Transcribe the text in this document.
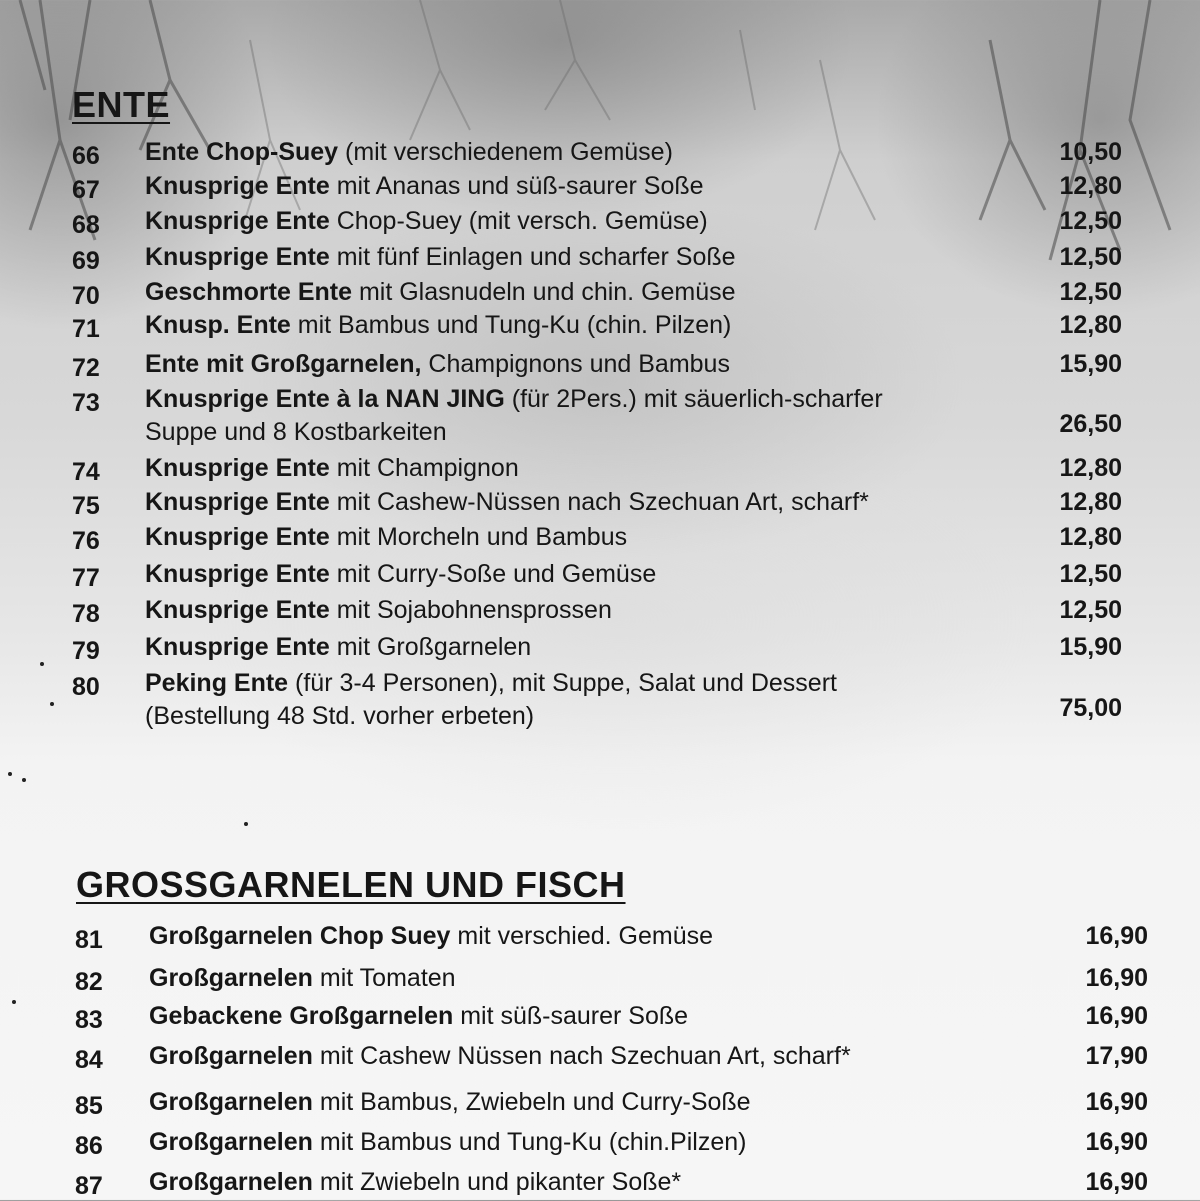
ENTE
66 Ente Chop-Suey (mit verschiedenem Gemüse)	10,50
67 Knusprige Ente mit Ananas und süß-saurer Soße	12,80
68 Knusprige Ente Chop-Suey (mit versch. Gemüse)	12,50
69 Knusprige Ente mit fünf Einlagen und scharfer Soße	12,50
70 Geschmorte Ente mit Glasnudeln und chin. Gemüse	12,50
71 Knusp. Ente mit Bambus und Tung-Ku (chin. Pilzen)	12,80
72 Ente mit Großgarnelen, Champignons und Bambus	15,90
73 Knusprige Ente à la NAN JING (für 2Pers.) mit säuerlich-scharfer
Suppe und 8 Kostbarkeiten	26,50
74 Knusprige Ente mit Champignon	12,80
75 Knusprige Ente mit Cashew-Nüssen nach Szechuan Art, scharf*	12,80
76 Knusprige Ente mit Morcheln und Bambus	12,80
77 Knusprige Ente mit Curry-Soße und Gemüse	12,50
78 Knusprige Ente mit Sojabohnensprossen	12,50
79 Knusprige Ente mit Großgarnelen	15,90
80 Peking Ente (für 3-4 Personen), mit Suppe, Salat und Dessert
(Bestellung 48 Std. vorher erbeten)	75,00
GROSSGARNELEN UND FISCH
81 Großgarnelen Chop Suey mit verschied. Gemüse	16,90
82 Großgarnelen mit Tomaten	16,90
83 Gebackene Großgarnelen mit süß-saurer Soße	16,90
84 Großgarnelen mit Cashew Nüssen nach Szechuan Art, scharf*	17,90
85 Großgarnelen mit Bambus, Zwiebeln und Curry-Soße	16,90
86 Großgarnelen mit Bambus und Tung-Ku (chin.Pilzen)	16,90
87 Großgarnelen mit Zwiebeln und pikanter Soße*	16,90
